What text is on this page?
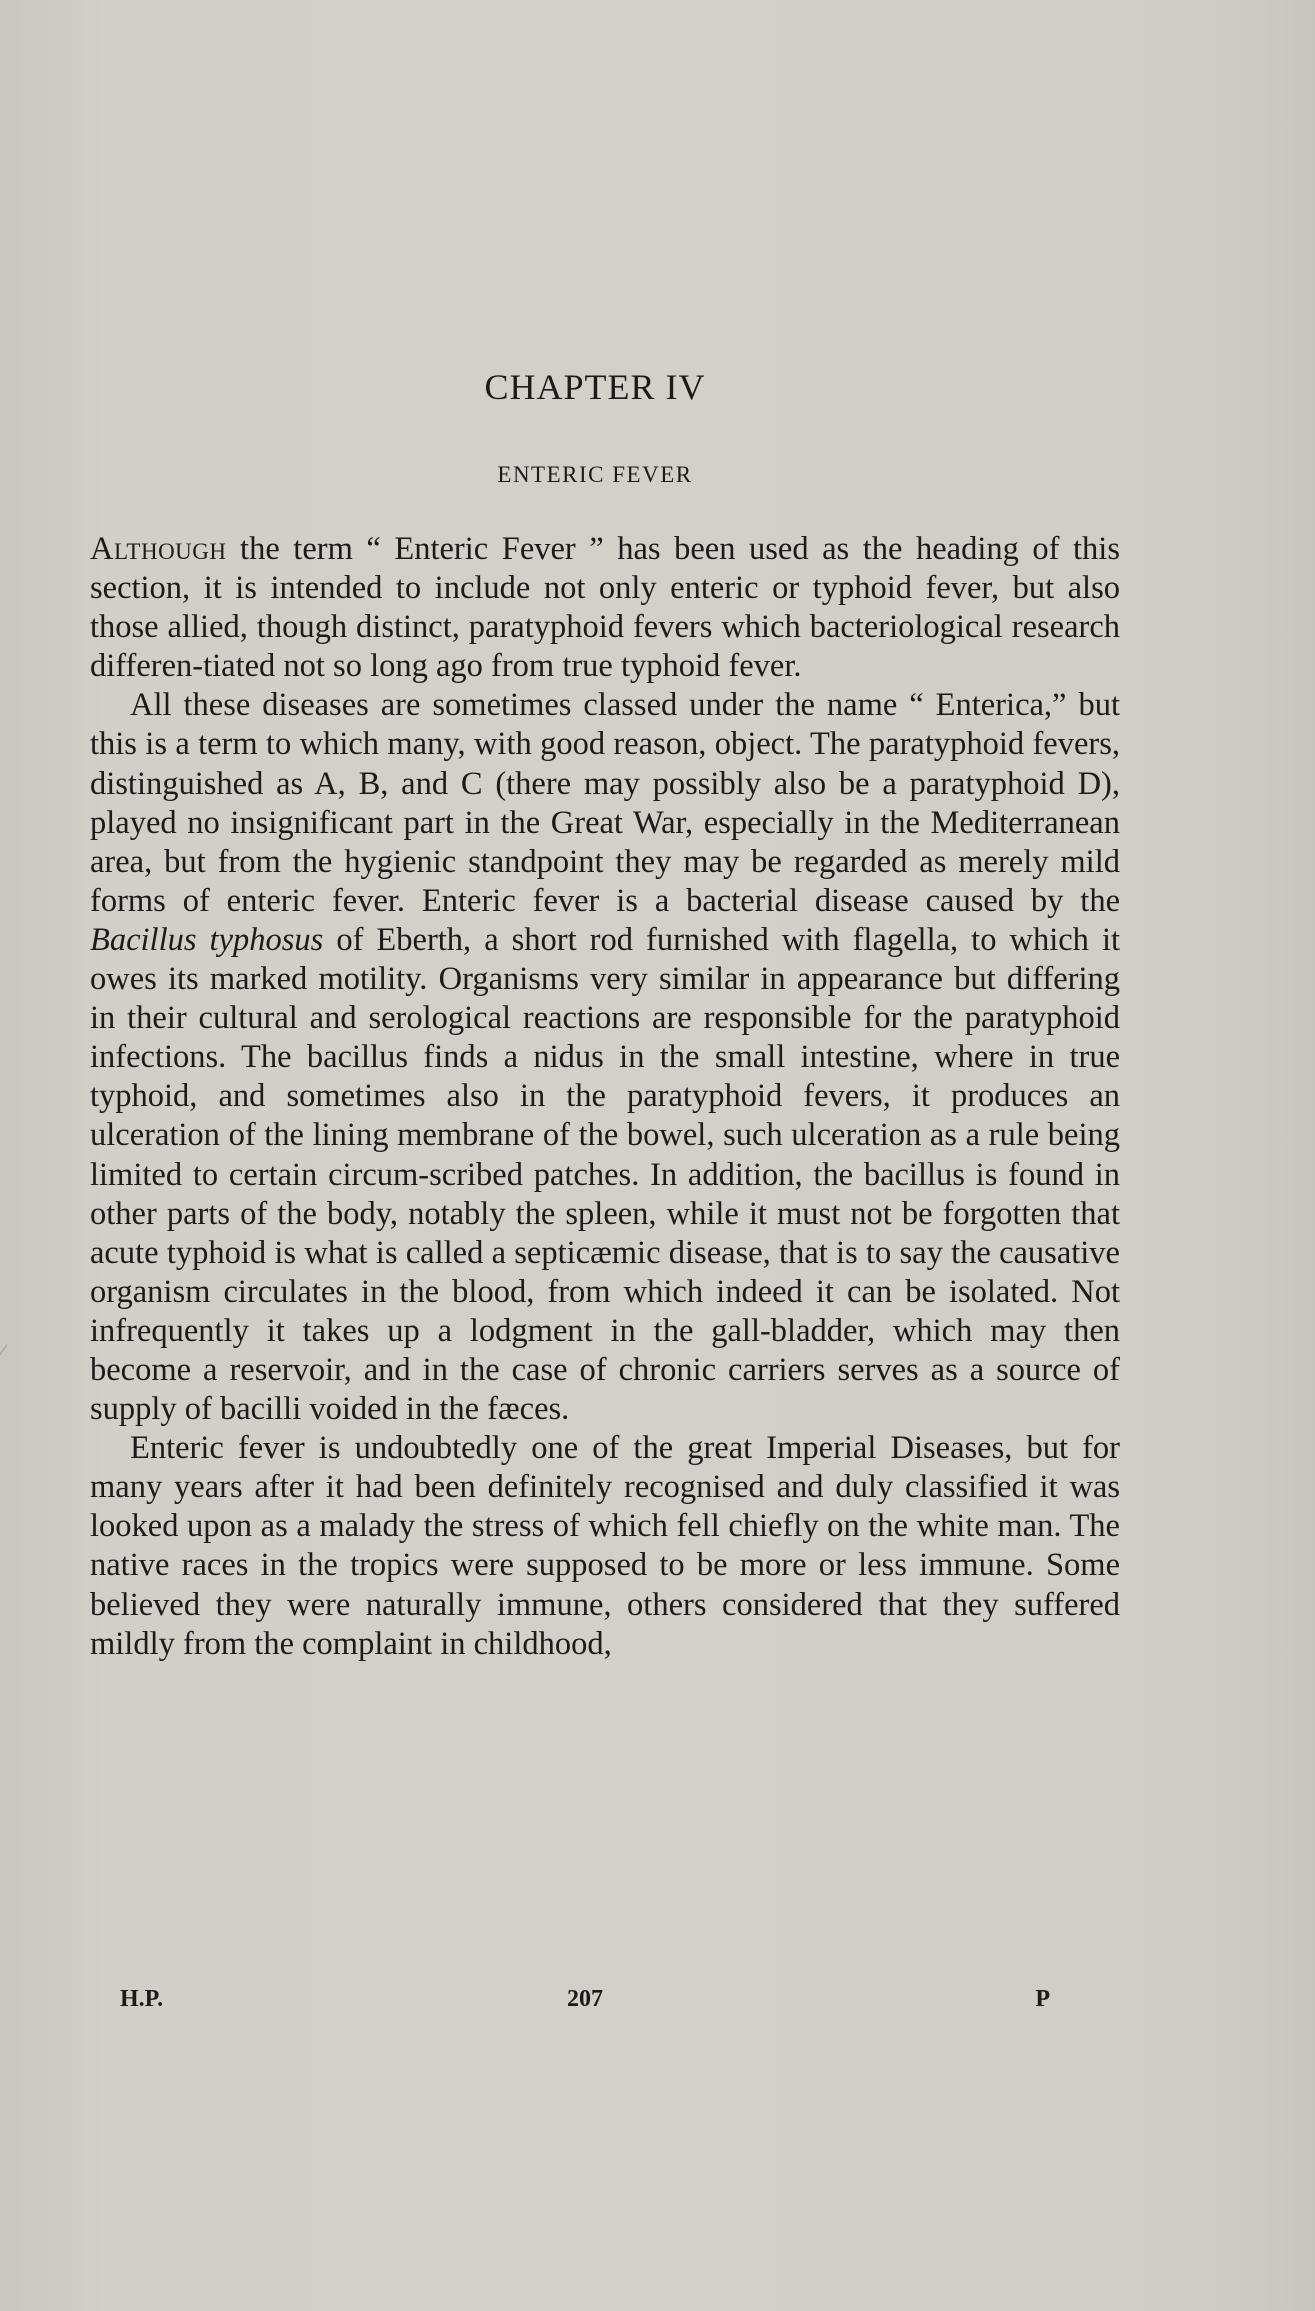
CHAPTER IV
ENTERIC FEVER

Although the term “ Enteric Fever ” has been used as the heading of this section, it is intended to include not only enteric or typhoid fever, but also those allied, though distinct, paratyphoid fevers which bacteriological research differen-tiated not so long ago from true typhoid fever.

All these diseases are sometimes classed under the name “ Enterica,” but this is a term to which many, with good reason, object. The paratyphoid fevers, distinguished as A, B, and C (there may possibly also be a paratyphoid D), played no insignificant part in the Great War, especially in the Mediterranean area, but from the hygienic standpoint they may be regarded as merely mild forms of enteric fever. Enteric fever is a bacterial disease caused by the Bacillus typhosus of Eberth, a short rod furnished with flagella, to which it owes its marked motility. Organisms very similar in appearance but differing in their cultural and serological reactions are responsible for the paratyphoid infections. The bacillus finds a nidus in the small intestine, where in true typhoid, and sometimes also in the paratyphoid fevers, it produces an ulceration of the lining membrane of the bowel, such ulceration as a rule being limited to certain circum-scribed patches. In addition, the bacillus is found in other parts of the body, notably the spleen, while it must not be forgotten that acute typhoid is what is called a septicæmic disease, that is to say the causative organism circulates in the blood, from which indeed it can be isolated. Not infrequently it takes up a lodgment in the gall-bladder, which may then become a reservoir, and in the case of chronic carriers serves as a source of supply of bacilli voided in the fæces.

Enteric fever is undoubtedly one of the great Imperial Diseases, but for many years after it had been definitely recognised and duly classified it was looked upon as a malady the stress of which fell chiefly on the white man. The native races in the tropics were supposed to be more or less immune. Some believed they were naturally immune, others considered that they suffered mildly from the complaint in childhood,

H.P.	207	P
